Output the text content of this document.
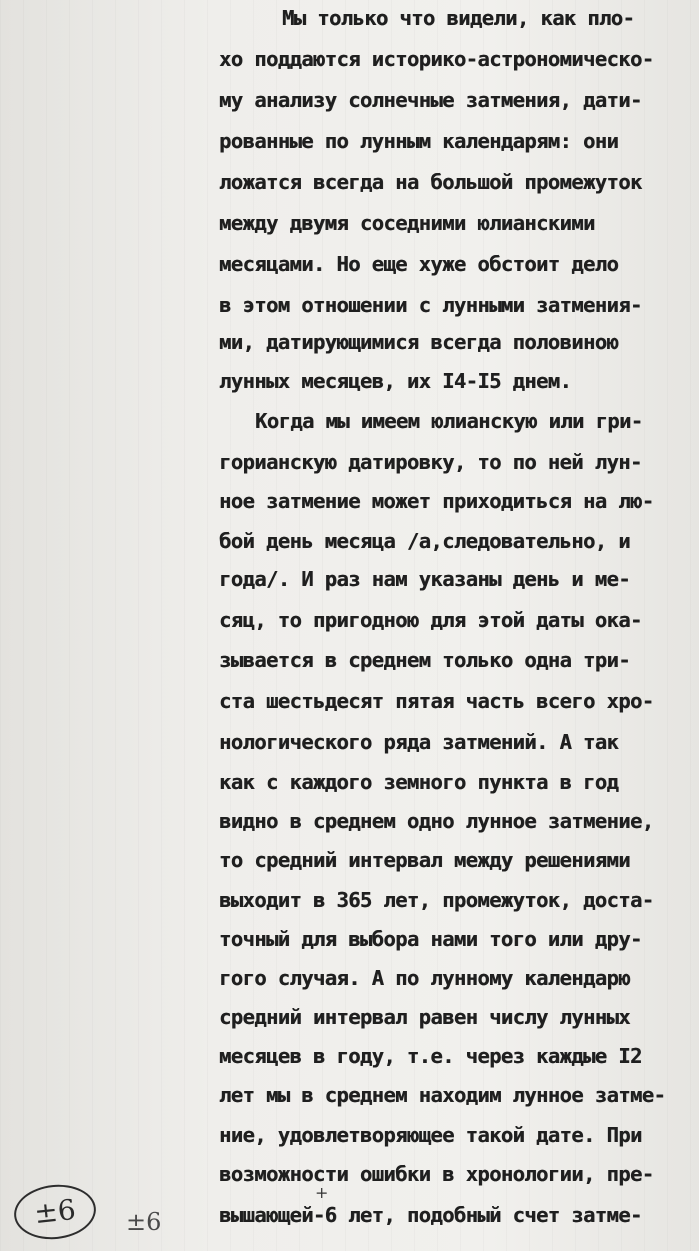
Мы только что видели, как пло-
хо поддаются историко-астрономическо-
му анализу солнечные затмения, дати-
рованные по лунным календарям: они
ложатся всегда на большой промежуток
между двумя соседними юлианскими
месяцами. Но еще хуже обстоит дело
в этом отношении с лунными затмения-
ми, датирующимися всегда половиною
лунных месяцев, их I4-I5 днем.
Когда мы имеем юлианскую или гри-
горианскую датировку, то по ней лун-
ное затмение может приходиться на лю-
бой день месяца /а,следовательно, и
года/. И раз нам указаны день и ме-
сяц, то пригодною для этой даты ока-
зывается в среднем только одна три-
ста шестьдесят пятая часть всего хро-
нологического ряда затмений. А так
как с каждого земного пункта в год
видно в среднем одно лунное затмение,
то средний интервал между решениями
выходит в 365 лет, промежуток, доста-
точный для выбора нами того или дру-
гого случая. А по лунному календарю
средний интервал равен числу лунных
месяцев в году, т.е. через каждые I2
лет мы в среднем находим лунное затме-
ние, удовлетворяющее такой дате. При
возможности ошибки в хронологии, пре-
вышающей-6 лет, подобный счет затме-
±6	±6
+
